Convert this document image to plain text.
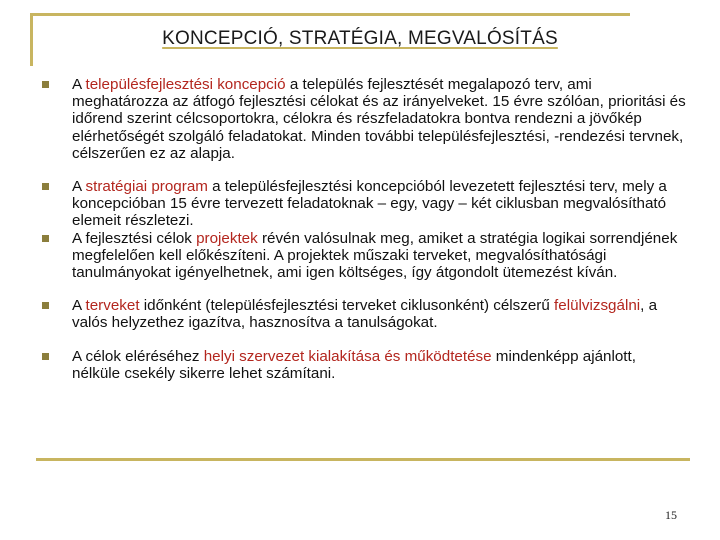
KONCEPCIÓ, STRATÉGIA, MEGVALÓSÍTÁS
A településfejlesztési koncepció a település fejlesztését megalapozó terv, ami meghatározza az átfogó fejlesztési célokat és az irányelveket. 15 évre szólóan, prioritási és időrend szerint célcsoportokra, célokra és részfeladatokra bontva rendezni a jövőkép elérhetőségét szolgáló feladatokat. Minden további településfejlesztési, -rendezési tervnek, célszerűen ez az alapja.
A stratégiai program a településfejlesztési koncepcióból levezetett fejlesztési terv, mely a koncepcióban 15 évre tervezett feladatoknak – egy, vagy – két ciklusban megvalósítható elemeit részletezi.
A fejlesztési célok projektek révén valósulnak meg, amiket a stratégia logikai sorrendjének megfelelően kell előkészíteni. A projektek műszaki terveket, megvalósíthatósági tanulmányokat igényelhetnek, ami igen költséges, így átgondolt ütemezést kíván.
A terveket időnként (településfejlesztési terveket ciklusonként) célszerű felülvizsgálni, a valós helyzethez igazítva, hasznosítva a tanulságokat.
A célok eléréséhez helyi szervezet kialakítása és működtetése mindenképp ajánlott, nélküle csekély sikerre lehet számítani.
15
